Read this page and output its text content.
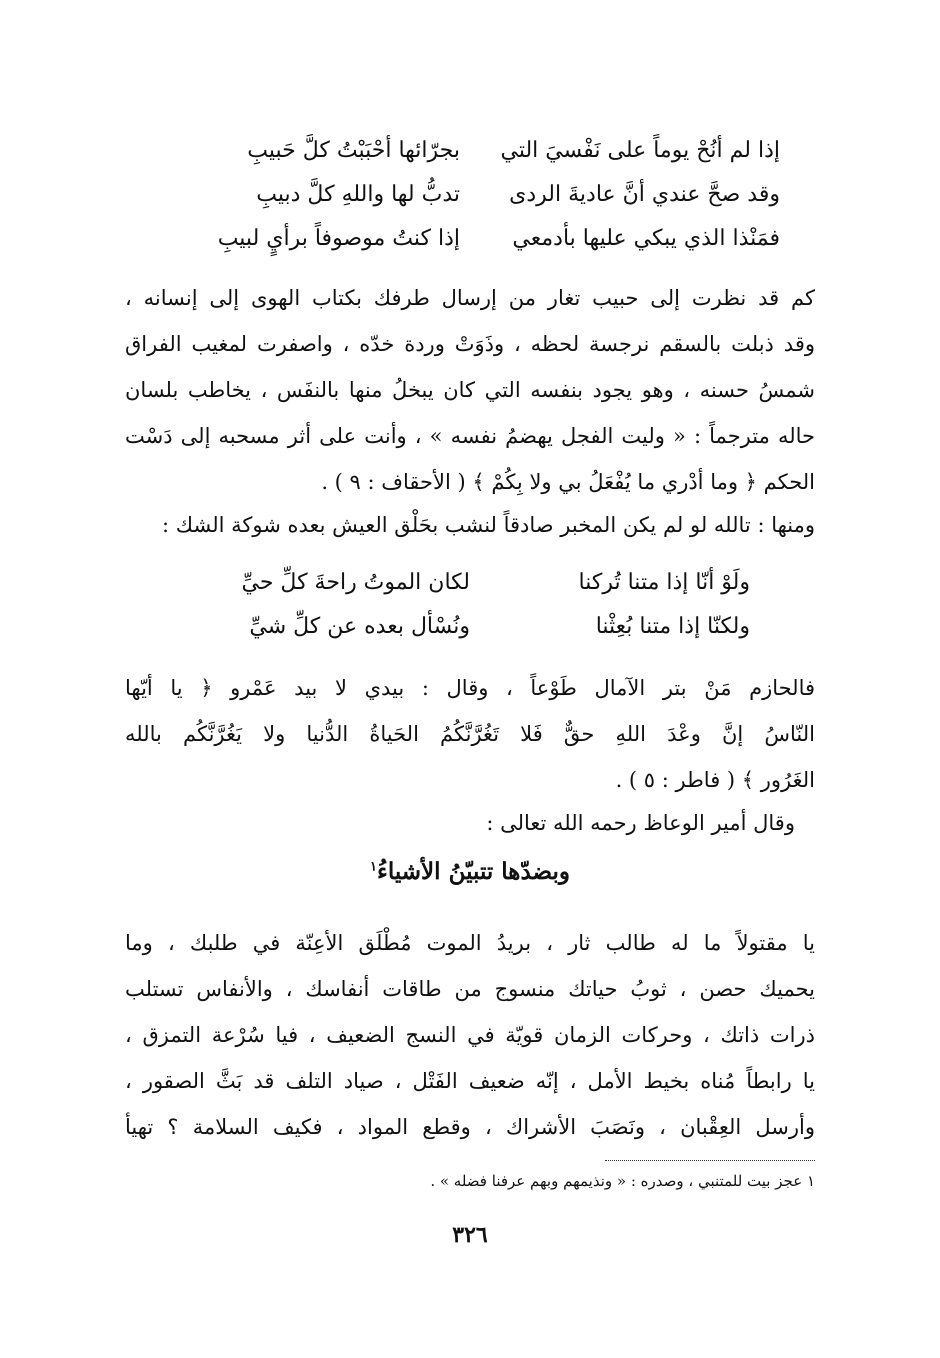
إذا لم أنُحْ يوماً على نَفْسيَ التي
بجرّائها أحْبَبْتُ كلَّ حَبيبِ
وقد صحَّ عندي أنَّ عاديةَ الردى
تدبُّ لها واللهِ كلَّ دبيبِ
فمَنْذا الذي يبكي عليها بأدمعي
إذا كنتُ موصوفاً برأيٍ لبيبِ
كم قد نظرت إلى حبيب تغار من إرسال طرفك بكتاب الهوى إلى إنسانه ،
وقد ذبلت بالسقم نرجسة لحظه ، وذَوَتْ وردة خدّه ، واصفرت لمغيب الفراق
شمسُ حسنه ، وهو يجود بنفسه التي كان يبخلُ منها بالنفَس ، يخاطب بلسان
حاله مترجماً : « وليت الفجل يهضمُ نفسه » ، وأنت على أثر مسحبه إلى دَسْت
الحكم ﴿ وما أدْري ما يُفْعَلُ بي ولا بِكُمْ ﴾ ( الأحقاف : ٩ ) .
ومنها : تالله لو لم يكن المخبر صادقاً لنشب بحَلْق العيش بعده شوكة الشك :
ولَوْ أنّا إذا متنا تُركنا
لكان الموتُ راحةَ كلِّ حيِّ
ولكنّا إذا متنا بُعِثْنا
ونُسْأل بعده عن كلِّ شيِّ
فالحازم مَنْ بتر الآمال طَوْعاً ، وقال : بيدي لا بيد عَمْرو ﴿ يا أيّها
النّاسُ إنَّ وعْدَ اللهِ حقٌّ فَلا تَغُرَّنَّكُمُ الحَياةُ الدُّنيا ولا يَغُرَّنَّكُم بالله
الغَرُور ﴾ ( فاطر : ٥ ) .
وقال أمير الوعاظ رحمه الله تعالى :
وبضدّها تتبيّنُ الأشياءُ$^١$
يا مقتولاً ما له طالب ثار ، بريدُ الموت مُطْلَق الأعِنّة في طلبك ، وما
يحميك حصن ، ثوبُ حياتك منسوج من طاقات أنفاسك ، والأنفاس تستلب
ذرات ذاتك ، وحركات الزمان قويّة في النسج الضعيف ، فيا سُرْعة التمزق ،
يا رابطاً مُناه بخيط الأمل ، إنّه ضعيف الفَتْل ، صياد التلف قد بَثَّ الصقور ،
وأرسل العِقْبان ، ونَصَبَ الأشراك ، وقطع المواد ، فكيف السلامة ؟ تهيأ
١ عجز بيت للمتنبي ، وصدره : « ونذيمهم وبهم عرفنا فضله » .
٣٢٦
